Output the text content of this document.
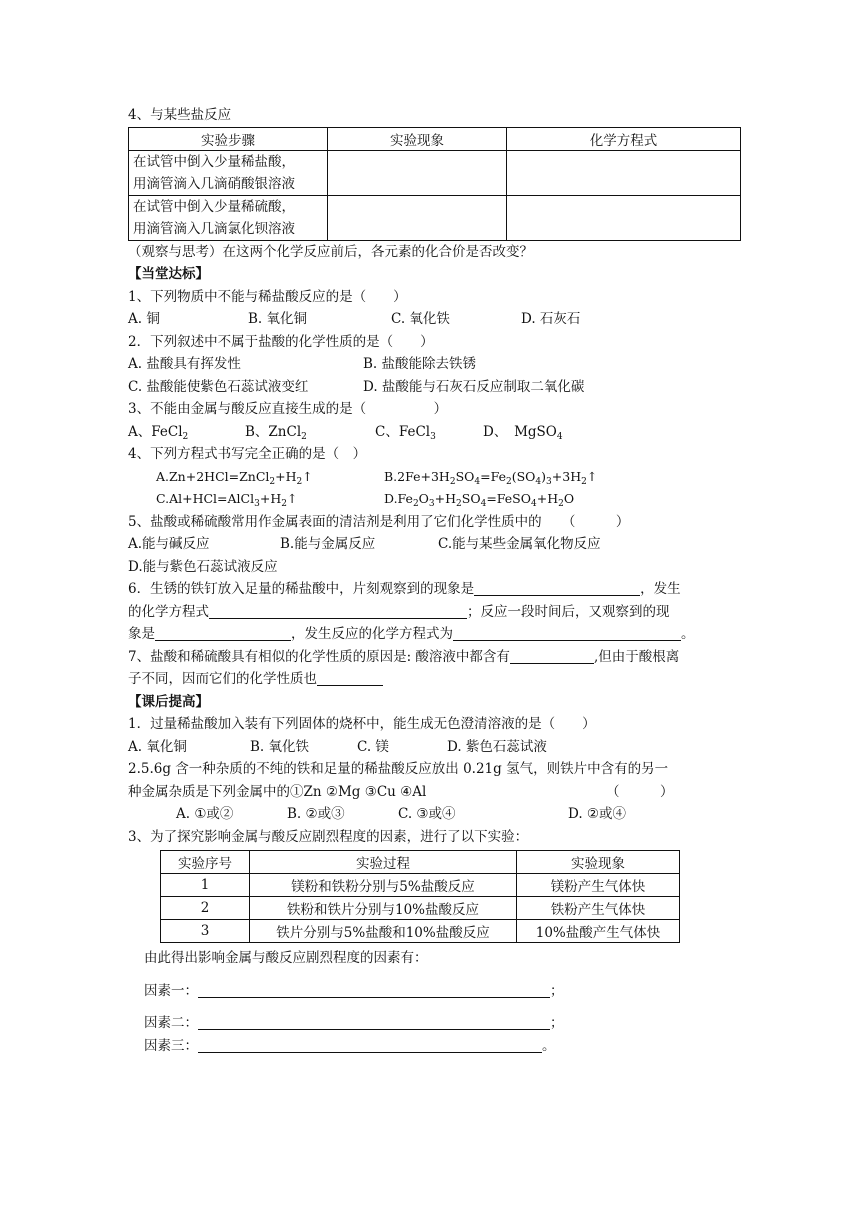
4、与某些盐反应
实验步骤	实验现象	化学方程式

在试管中倒入少量稀盐酸，
用滴管滴入几滴硝酸银溶液		

在试管中倒入少量稀硫酸，
用滴管滴入几滴氯化钡溶液		

（观察与思考）在这两个化学反应前后，各元素的化合价是否改变？
【当堂达标】
1、下列物质中不能与稀盐酸反应的是（　　）
A. 铜	B. 氧化铜	C. 氧化铁	D. 石灰石
2．下列叙述中不属于盐酸的化学性质的是（　　）
A. 盐酸具有挥发性	B. 盐酸能除去铁锈
C. 盐酸能使紫色石蕊试液变红	D. 盐酸能与石灰石反应制取二氧化碳
3、不能由金属与酸反应直接生成的是（　　　　　）
A、FeCl2	B、ZnCl2	C、FeCl3	D、　MgSO4
4、下列方程式书写完全正确的是（　）
A.Zn+2HCl=ZnCl2+H2↑	B.2Fe+3H2SO4=Fe2(SO4)3+3H2↑
C.Al+HCl=AlCl3+H2↑	D.Fe2O3+H2SO4=FeSO4+H2O
5、盐酸或稀硫酸常用作金属表面的清洁剂是利用了它们化学性质中的　　（　　　）
A.能与碱反应	B.能与金属反应	C.能与某些金属氧化物反应
D.能与紫色石蕊试液反应
6．生锈的铁钉放入足量的稀盐酸中，片刻观察到的现象是	，发生
的化学方程式	；反应一段时间后，又观察到的现
象是	，发生反应的化学方程式为	。
7、盐酸和稀硫酸具有相似的化学性质的原因是: 酸溶液中都含有	,但由于酸根离
子不同，因而它们的化学性质也
【课后提高】
1．过量稀盐酸加入装有下列固体的烧杯中，能生成无色澄清溶液的是（　　）
A. 氧化铜	B. 氧化铁	C. 镁	D. 紫色石蕊试液
2.5.6g 含一种杂质的不纯的铁和足量的稀盐酸反应放出 0.21g 氢气，则铁片中含有的另一
种金属杂质是下列金属中的①Zn ②Mg ③Cu ④Al	（　　　）
A. ①或②	B. ②或③	C. ③或④	D. ②或④
3、为了探究影响金属与酸反应剧烈程度的因素，进行了以下实验：
实验序号	实验过程	实验现象
1	镁粉和铁粉分别与5%盐酸反应	镁粉产生气体快
2	铁粉和铁片分别与10%盐酸反应	铁粉产生气体快
3	铁片分别与5%盐酸和10%盐酸反应	10%盐酸产生气体快
由此得出影响金属与酸反应剧烈程度的因素有：
因素一：	；
因素二：	；
因素三：	。
